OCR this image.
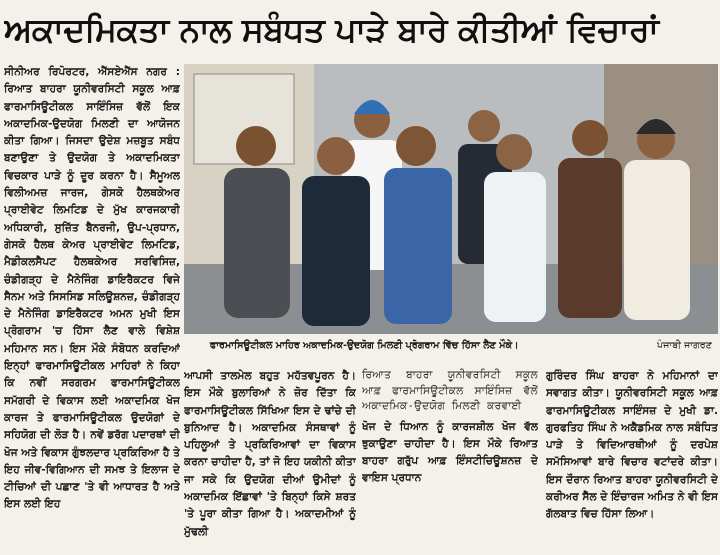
ਅਕਾਦਮਿਕਤਾ ਨਾਲ ਸਬੰਧਤ ਪਾੜੇ ਬਾਰੇ ਕੀਤੀਆਂ ਵਿਚਾਰਾਂ
ਸੀਨੀਅਰ ਰਿਪੋਰਟਰ, ਐੱਸਏਐੱਸ ਨਗਰ : ਰਿਆਤ ਬਾਹਰਾ ਯੂਨੀਵਰਸਿਟੀ ਸਕੂਲ ਆਫ਼ ਫਾਰਮਾਸਿਊਟੀਕਲ ਸਾਇੰਸਿਜ਼ ਵੱਲੋਂ ਇਕ ਅਕਾਦਮਿਕ-ਉਦਯੋਗ ਮਿਲਣੀ ਦਾ ਆਯੋਜਨ ਕੀਤਾ ਗਿਆ। ਜਿਸਦਾ ਉਦੇਸ਼ ਮਜ਼ਬੂਤ ਸਬੰਧ ਬਣਾਉਣਾ ਤੇ ਉਦਯੋਗ ਤੇ ਅਕਾਦਮਿਕਤਾ ਵਿਚਕਾਰ ਪਾੜੇ ਨੂੰ ਦੂਰ ਕਰਨਾ ਹੈ। ਸੈਮੂਅਲ ਵਿਲੀਅਮਜ਼ ਜਾਰਜ, ਗੇਸਕੋ ਹੈਲਥਕੇਅਰ ਪ੍ਰਾਈਵੇਟ ਲਿਮਟਿਡ ਦੇ ਮੁੱਖ ਕਾਰਜਕਾਰੀ ਅਧਿਕਾਰੀ, ਸੁਜ਼ਿੱਤ ਬੈਨਰਜੀ, ਉਪ-ਪ੍ਰਧਾਨ, ਗੇਸਕੋ ਹੈਲਥ ਕੇਅਰ ਪ੍ਰਾਈਵੇਟ ਲਿਮਟਿਡ, ਮੈਡੀਕਲਸੈਪਟ ਹੈਲਥਕੇਅਰ ਸਰਵਿਸਿਜ਼, ਚੰਡੀਗੜ੍ਹ ਦੇ ਮੈਨੇਜਿੰਗ ਡਾਇਰੈਕਟਰ ਵਿਜੇ ਸੈਨਮ ਅਤੇ ਸਿਸਸਿਡ ਸਲਿਊਸ਼ਨਜ਼, ਚੰਡੀਗੜ੍ਹ ਦੇ ਮੈਨੇਜਿੰਗ ਡਾਇਰੈਕਟਰ ਅਮਨ ਮੁਖੀ ਇਸ ਪ੍ਰੋਗਰਾਮ 'ਚ ਹਿੱਸਾ ਲੈਣ ਵਾਲੇ ਵਿਸ਼ੇਸ਼ ਮਹਿਮਾਨ ਸਨ। ਇਸ ਮੌਕੇ ਸੰਬੋਧਨ ਕਰਦਿਆਂ ਇਨ੍ਹਾਂ ਫਾਰਮਾਸਿਊਟੀਕਲ ਮਾਹਿਰਾਂ ਨੇ ਕਿਹਾ ਕਿ ਨਵੀਂ ਸਰਗਰਮ ਫਾਰਮਾਸਿਊਟੀਕਲ ਸਮੱਗਰੀ ਦੇ ਵਿਕਾਸ ਲਈ ਅਕਾਦਮਿਕ ਖੋਜ ਕਾਰਜ ਤੇ ਫਾਰਮਾਸਿਊਟੀਕਲ ਉਦਯੋਗਾਂ ਦੇ ਸਹਿਯੋਗ ਦੀ ਲੋੜ ਹੈ। ਨਵੇਂ ਡਰੱਗ ਪਦਾਰਥਾਂ ਦੀ ਖੋਜ ਅਤੇ ਵਿਕਾਸ ਗੁੰਝਲਦਾਰ ਪ੍ਰਕਿਰਿਆ ਹੈ ਤੇ ਇਹ ਜੀਵ-ਵਿਗਿਆਨ ਦੀ ਸਮਝ ਤੇ ਇਲਾਜ ਦੇ ਟੀਚਿਆਂ ਦੀ ਪਛਾਣ 'ਤੇ ਵੀ ਆਧਾਰਤ ਹੈ ਅਤੇ ਇਸ ਲਈ ਇਹ
ਫਾਰਮਾਸਿਊਟੀਕਲ ਮਾਹਿਰ ਅਕਾਦਮਿਕ-ਉਦਯੋਗ ਮਿਲਣੀ ਪ੍ਰੋਗਰਾਮ ਵਿੱਚ ਹਿੱਸਾ ਲੈਣ ਮੌਕੇ।	ਪੰਜਾਬੀ ਜਾਗਰਣ
ਆਪਸੀ ਤਾਲਮੇਲ ਬਹੁਤ ਮਹੱਤਵਪੂਰਨ ਹੈ। ਇਸ ਮੌਕੇ ਬੁਲਾਰਿਆਂ ਨੇ ਜ਼ੋਰ ਦਿੱਤਾ ਕਿ ਫਾਰਮਾਸਿਊਟੀਕਲ ਸਿੱਖਿਆ ਇਸ ਦੇ ਢਾਂਚੇ ਦੀ ਬੁਨਿਆਦ ਹੈ। ਅਕਾਦਮਿਕ ਸੰਸਥਾਵਾਂ ਨੂੰ ਪਹਿਲੂਆਂ ਤੇ ਪ੍ਰਕਿਰਿਆਵਾਂ ਦਾ ਵਿਕਾਸ ਕਰਨਾ ਚਾਹੀਦਾ ਹੈ, ਤਾਂ ਜੋ ਇਹ ਯਕੀਨੀ ਕੀਤਾ ਜਾ ਸਕੇ ਕਿ ਉਦਯੋਗ ਦੀਆਂ ਉਮੀਦਾਂ ਨੂੰ ਅਕਾਦਮਿਕ ਇੱਛਾਵਾਂ 'ਤੇ ਬਿਨ੍ਹਾਂ ਕਿਸੇ ਸ਼ਰਤ 'ਤੇ ਪੂਰਾ ਕੀਤਾ ਗਿਆ ਹੈ। ਅਕਾਦਮੀਆਂ ਨੂੰ ਮੁੱਢਲੀ
ਰਿਆਤ ਬਾਹਰਾ ਯੂਨੀਵਰਸਿਟੀ ਸਕੂਲ ਆਫ਼ ਫਾਰਮਾਸਿਊਟੀਕਲ ਸਾਇੰਸਿਜ਼ ਵੱਲੋਂ ਅਕਾਦਮਿਕ-ਉਦਯੋਗ ਮਿਲਣੀ ਕਰਵਾਈ
ਖੋਜ ਦੇ ਧਿਆਨ ਨੂੰ ਕਾਰਜਸ਼ੀਲ ਖੋਜ ਵੱਲ ਝੁਕਾਉਣਾ ਚਾਹੀਦਾ ਹੈ। ਇਸ ਮੌਕੇ ਰਿਆਤ ਬਾਹਰਾ ਗਰੁੱਪ ਆਫ਼ ਇੰਸਟੀਚਿਊਸ਼ਨਜ਼ ਦੇ ਵਾਇਸ ਪ੍ਰਧਾਨ
ਗੁਰਿੰਦਰ ਸਿੰਘ ਬਾਹਰਾ ਨੇ ਮਹਿਮਾਨਾਂ ਦਾ ਸਵਾਗਤ ਕੀਤਾ। ਯੂਨੀਵਰਸਿਟੀ ਸਕੂਲ ਆਫ਼ ਫਾਰਮਾਸਿਊਟੀਕਲ ਸਾਇੰਸਜ਼ ਦੇ ਮੁਖੀ ਡਾ. ਗੁਰਫਤਿਹ ਸਿੰਘ ਨੇ ਅਕੈਡਮਿਕ ਨਾਲ ਸਬੰਧਿਤ ਪਾੜੇ ਤੇ ਵਿਦਿਆਰਥੀਆਂ ਨੂੰ ਦਰਪੇਸ਼ ਸਮੱਸਿਆਵਾਂ ਬਾਰੇ ਵਿਚਾਰ ਵਟਾਂਦਰੇ ਕੀਤਾ। ਇਸ ਦੌਰਾਨ ਰਿਆਤ ਬਾਹਰਾ ਯੂਨੀਵਰਸਿਟੀ ਦੇ ਕਰੀਅਰ ਸੈੱਲ ਦੇ ਇੰਚਾਰਜ ਅਮਿਤ ਨੇ ਵੀ ਇਸ ਗੱਲਬਾਤ ਵਿਚ ਹਿੱਸਾ ਲਿਆ।
